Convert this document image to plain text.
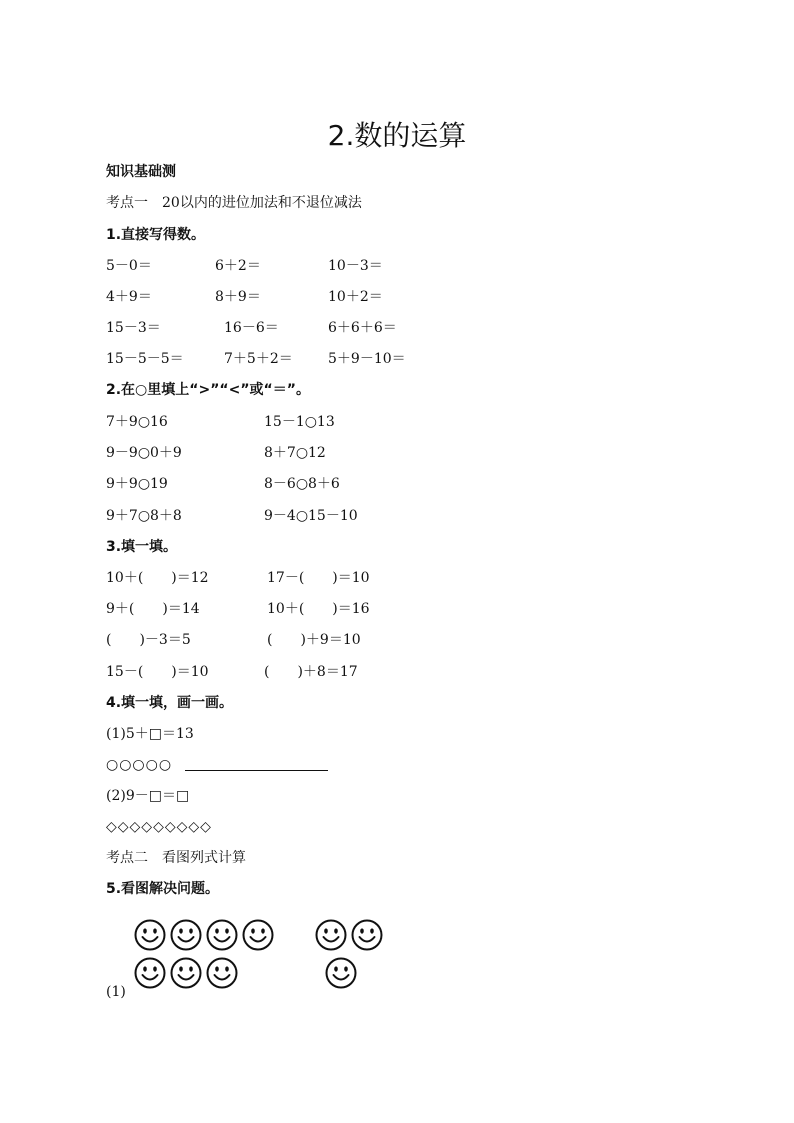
2.数的运算
知识基础测
考点一　20以内的进位加法和不退位减法
1.直接写得数。
5－0＝	6＋2＝	10－3＝
4＋9＝	8＋9＝	10＋2＝
15－3＝	16－6＝	6＋6＋6＝
15－5－5＝	7＋5＋2＝	5＋9－10＝
2.在○里填上“>”“<”或“＝”。
7＋9○16	15－1○13
9－9○0＋9	8＋7○12
9＋9○19	8－6○8＋6
9＋7○8＋8	9－4○15－10
3.填一填。
10＋(　　)＝12	17－(　　)＝10
9＋(　　)＝14	10＋(　　)＝16
(　　)－3＝5	(　　)＋9＝10
15－(　　)＝10	(　　)＋8＝17
4.填一填，画一画。
(1)5＋□＝13
○○○○○
(2)9－□＝□
◇◇◇◇◇◇◇◇◇
考点二　看图列式计算
5.看图解决问题。
(1)
